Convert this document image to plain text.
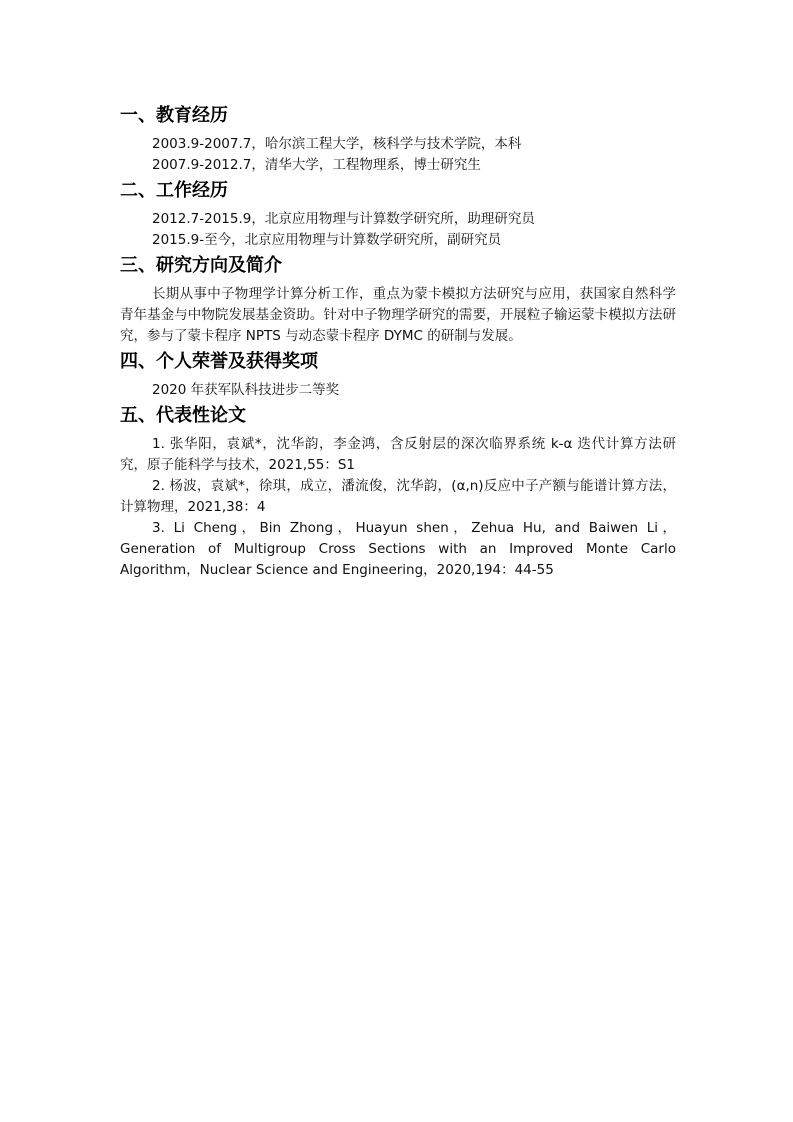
一、教育经历

2003.9-2007.7，哈尔滨工程大学，核科学与技术学院，本科

2007.9-2012.7，清华大学，工程物理系，博士研究生

二、工作经历

2012.7-2015.9，北京应用物理与计算数学研究所，助理研究员

2015.9-至今，北京应用物理与计算数学研究所，副研究员

三、研究方向及简介

长期从事中子物理学计算分析工作，重点为蒙卡模拟方法研究与应用，获国家自然科学青年基金与中物院发展基金资助。针对中子物理学研究的需要，开展粒子输运蒙卡模拟方法研究，参与了蒙卡程序 NPTS 与动态蒙卡程序 DYMC 的研制与发展。

四、个人荣誉及获得奖项

2020 年获军队科技进步二等奖

五、代表性论文

1. 张华阳，袁斌*，沈华韵，李金鸿，含反射层的深次临界系统 k-α 迭代计算方法研究，原子能科学与技术，2021,55：S1

2. 杨波，袁斌*，徐琪，成立，潘流俊，沈华韵，(α,n)反应中子产额与能谱计算方法，计算物理，2021,38：4

3. Li Cheng，Bin Zhong，Huayun shen，Zehua Hu, and Baiwen Li，Generation of Multigroup Cross Sections with an Improved Monte Carlo Algorithm，Nuclear Science and Engineering，2020,194：44-55
